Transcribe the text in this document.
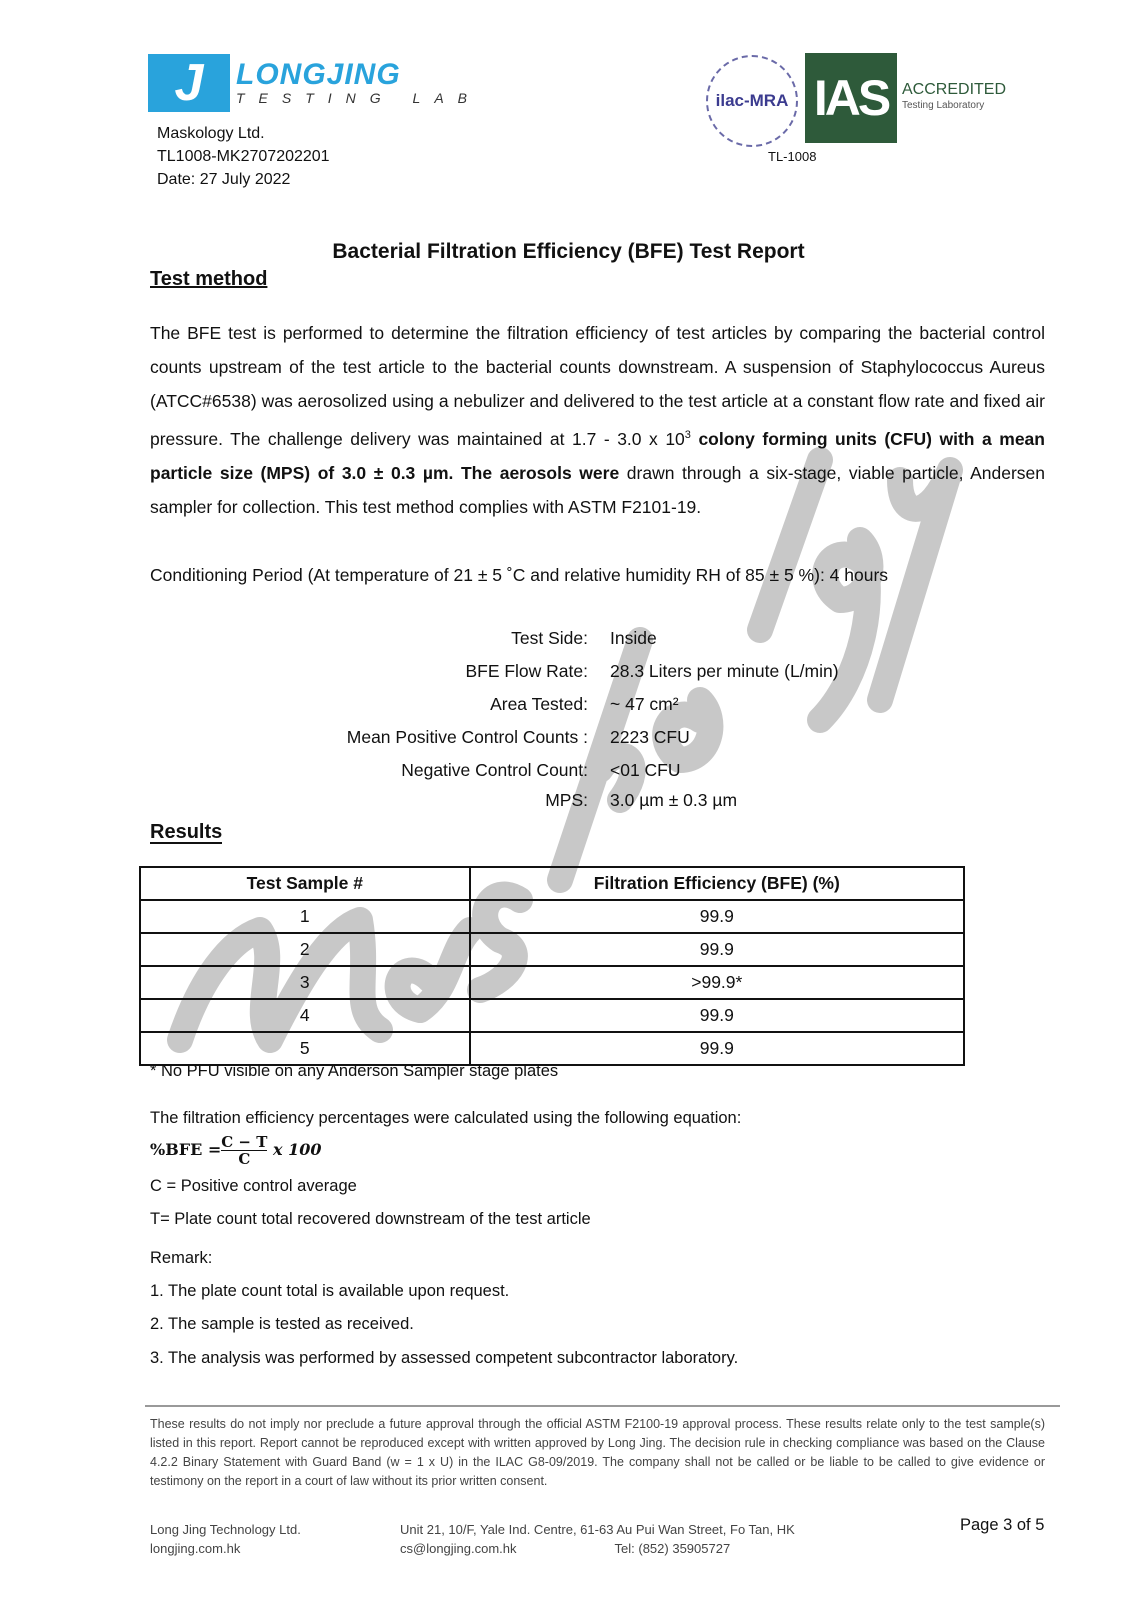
J	LONGJING
TESTING LAB
Maskology Ltd.
TL1008-MK2707202201
Date: 27 July 2022
ilac-MRA IAS ACCREDITED
Testing Laboratory
TL-1008
Bacterial Filtration Efficiency (BFE) Test Report
Test method
The BFE test is performed to determine the filtration efficiency of test articles by comparing the bacterial control counts upstream of the test article to the bacterial counts downstream. A suspension of Staphylococcus Aureus (ATCC#6538) was aerosolized using a nebulizer and delivered to the test article at a constant flow rate and fixed air pressure. The challenge delivery was maintained at 1.7 - 3.0 x $10^3$ colony forming units (CFU) with a mean particle size (MPS) of 3.0 ± 0.3 µm. The aerosols were drawn through a six-stage, viable particle, Andersen sampler for collection. This test method complies with ASTM F2101-19.
Conditioning Period (At temperature of 21 ± 5 ˚C and relative humidity RH of 85 ± 5 %): 4 hours
Test Side: Inside
BFE Flow Rate: 28.3 Liters per minute (L/min)
Area Tested: ~ 47 cm²
Mean Positive Control Counts : 2223 CFU
Negative Control Count: <01 CFU
MPS: 3.0 µm ± 0.3 µm
Results
Test Sample #	Filtration Efficiency (BFE) (%)
1	99.9
2	99.9
3	>99.9*
4	99.9
5	99.9
* No PFU visible on any Anderson Sampler stage plates
The filtration efficiency percentages were calculated using the following equation:
$\%BFE = \frac{C - T}{C}$ x 100
C = Positive control average
T= Plate count total recovered downstream of the test article
Remark:
1. The plate count total is available upon request.
2. The sample is tested as received.
3. The analysis was performed by assessed competent subcontractor laboratory.
These results do not imply nor preclude a future approval through the official ASTM F2100-19 approval process. These results relate only to the test sample(s) listed in this report. Report cannot be reproduced except with written approved by Long Jing. The decision rule in checking compliance was based on the Clause 4.2.2 Binary Statement with Guard Band (w = 1 x U) in the ILAC G8-09/2019. The company shall not be called or be liable to be called to give evidence or testimony on the report in a court of law without its prior written consent.
Long Jing Technology Ltd.
longjing.com.hk
Unit 21, 10/F, Yale Ind. Centre, 61-63 Au Pui Wan Street, Fo Tan, HK
cs@longjing.com.hk	Tel: (852) 35905727
Page 3 of 5
